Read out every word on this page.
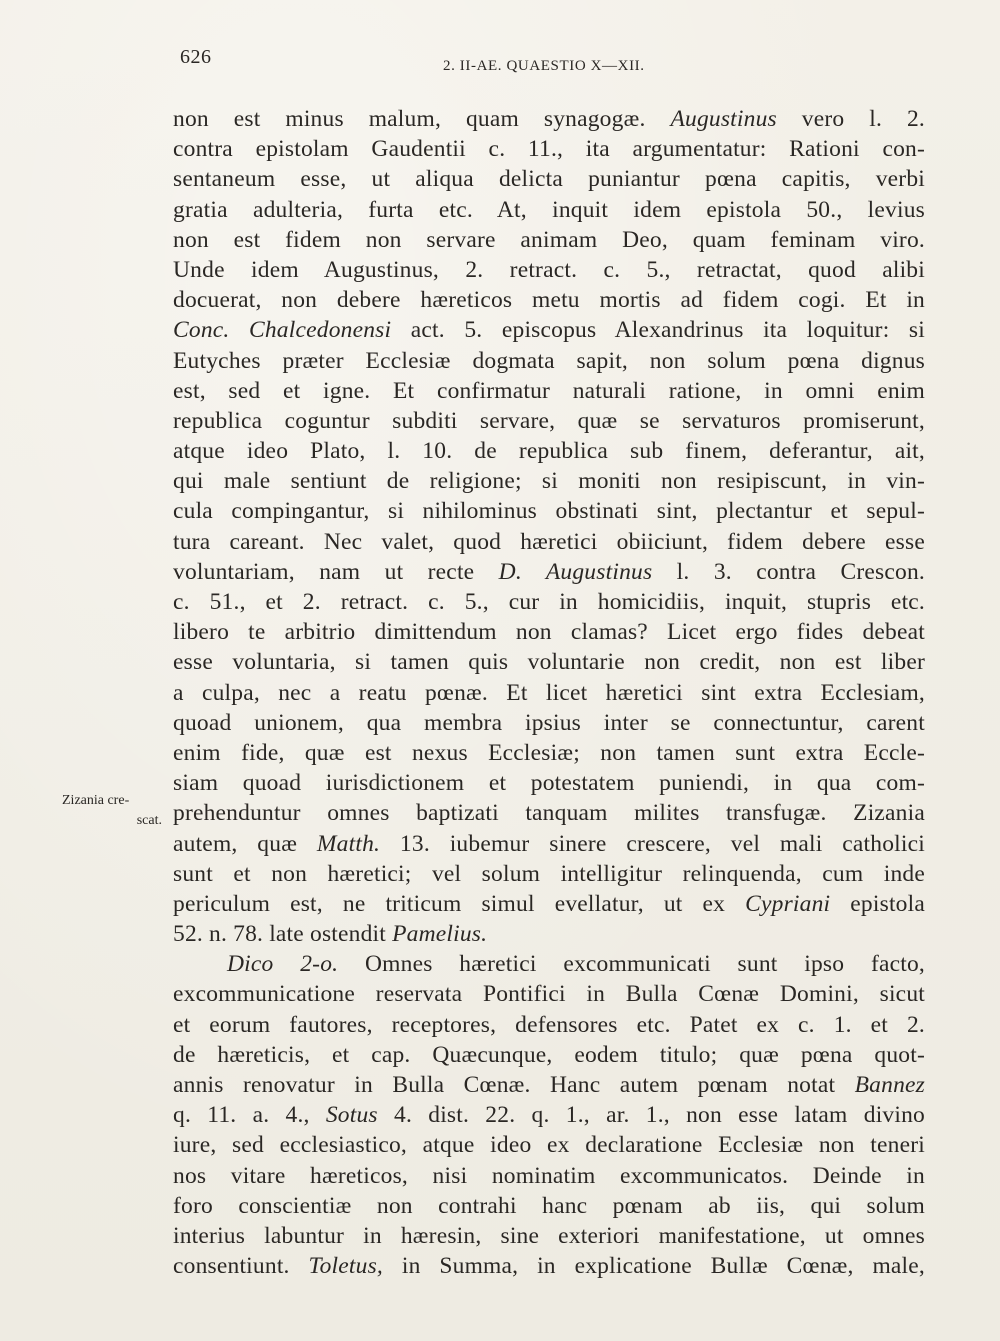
626	2. II-AE. QUAESTIO X—XII.
Zizania cre-
scat.
non est minus malum, quam synagogæ. Augustinus vero l. 2.
contra epistolam Gaudentii c. 11., ita argumentatur: Rationi con-
sentaneum esse, ut aliqua delicta puniantur pœna capitis, verbi
gratia adulteria, furta etc. At, inquit idem epistola 50., levius
non est fidem non servare animam Deo, quam feminam viro.
Unde idem Augustinus, 2. retract. c. 5., retractat, quod alibi
docuerat, non debere hæreticos metu mortis ad fidem cogi. Et in
Conc. Chalcedonensi act. 5. episcopus Alexandrinus ita loquitur: si
Eutyches præter Ecclesiæ dogmata sapit, non solum pœna dignus
est, sed et igne. Et confirmatur naturali ratione, in omni enim
republica coguntur subditi servare, quæ se servaturos promiserunt,
atque ideo Plato, l. 10. de republica sub finem, deferantur, ait,
qui male sentiunt de religione; si moniti non resipiscunt, in vin-
cula compingantur, si nihilominus obstinati sint, plectantur et sepul-
tura careant. Nec valet, quod hæretici obiiciunt, fidem debere esse
voluntariam, nam ut recte D. Augustinus l. 3. contra Crescon.
c. 51., et 2. retract. c. 5., cur in homicidiis, inquit, stupris etc.
libero te arbitrio dimittendum non clamas? Licet ergo fides debeat
esse voluntaria, si tamen quis voluntarie non credit, non est liber
a culpa, nec a reatu pœnæ. Et licet hæretici sint extra Ecclesiam,
quoad unionem, qua membra ipsius inter se connectuntur, carent
enim fide, quæ est nexus Ecclesiæ; non tamen sunt extra Eccle-
siam quoad iurisdictionem et potestatem puniendi, in qua com-
prehenduntur omnes baptizati tanquam milites transfugæ. Zizania
autem, quæ Matth. 13. iubemur sinere crescere, vel mali catholici
sunt et non hæretici; vel solum intelligitur relinquenda, cum inde
periculum est, ne triticum simul evellatur, ut ex Cypriani epistola
52. n. 78. late ostendit Pamelius.
Dico 2-o. Omnes hæretici excommunicati sunt ipso facto,
excommunicatione reservata Pontifici in Bulla Cœnæ Domini, sicut
et eorum fautores, receptores, defensores etc. Patet ex c. 1. et 2.
de hæreticis, et cap. Quæcunque, eodem titulo; quæ pœna quot-
annis renovatur in Bulla Cœnæ. Hanc autem pœnam notat Bannez
q. 11. a. 4., Sotus 4. dist. 22. q. 1., ar. 1., non esse latam divino
iure, sed ecclesiastico, atque ideo ex declaratione Ecclesiæ non teneri
nos vitare hæreticos, nisi nominatim excommunicatos. Deinde in
foro conscientiæ non contrahi hanc pœnam ab iis, qui solum
interius labuntur in hæresin, sine exteriori manifestatione, ut omnes
consentiunt. Toletus, in Summa, in explicatione Bullæ Cœnæ, male,
